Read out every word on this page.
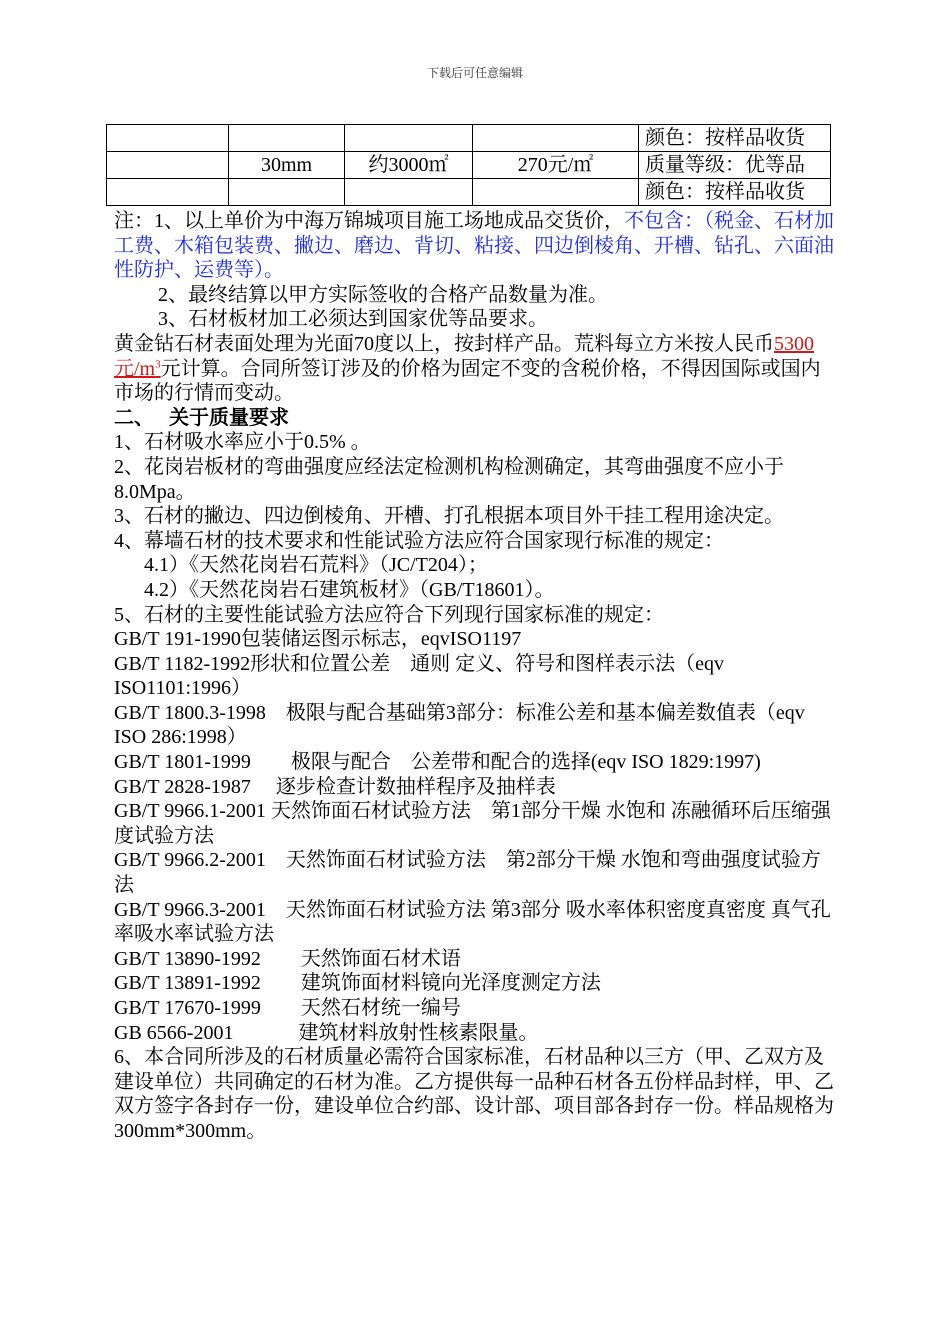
下载后可任意编辑
				颜色：按样品收货
	30mm	约3000㎡	270元/㎡	质量等级：优等品
				颜色：按样品收货

注：1、以上单价为中海万锦城项目施工场地成品交货价，不包含：（税金、石材加工费、木箱包装费、撇边、磨边、背切、粘接、四边倒棱角、开槽、钻孔、六面油性防护、运费等）。

2、最终结算以甲方实际签收的合格产品数量为准。

3、石材板材加工必须达到国家优等品要求。

黄金钻石材表面处理为光面70度以上，按封样产品。荒料每立方米按人民币5300元$/m^3$元计算。合同所签订涉及的价格为固定不变的含税价格，不得因国际或国内市场的行情而变动。

二、   关于质量要求

1、石材吸水率应小于0.5% 。

2、花岗岩板材的弯曲强度应经法定检测机构检测确定，其弯曲强度不应小于8.0Mpa。

3、石材的撇边、四边倒棱角、开槽、打孔根据本项目外干挂工程用途决定。

4、幕墙石材的技术要求和性能试验方法应符合国家现行标准的规定：

4.1）《天然花岗岩石荒料》（JC/T204）；

4.2）《天然花岗岩石建筑板材》（GB/T18601）。

5、石材的主要性能试验方法应符合下列现行国家标准的规定：

GB/T 191-1990包装储运图示标志，eqvISO1197

GB/T 1182-1992形状和位置公差　通则 定义、符号和图样表示法（eqv ISO1101:1996）

GB/T 1800.3-1998　极限与配合基础第3部分：标准公差和基本偏差数值表（eqv ISO 286:1998）

GB/T 1801-1999　　极限与配合　公差带和配合的选择(eqv ISO 1829:1997)

GB/T 2828-1987　 逐步检查计数抽样程序及抽样表

GB/T 9966.1-2001 天然饰面石材试验方法　第1部分干燥 水饱和 冻融循环后压缩强度试验方法

GB/T 9966.2-2001　天然饰面石材试验方法　第2部分干燥 水饱和弯曲强度试验方法

GB/T 9966.3-2001　天然饰面石材试验方法 第3部分 吸水率体积密度真密度 真气孔率吸水率试验方法

GB/T 13890-1992　　天然饰面石材术语

GB/T 13891-1992　　建筑饰面材料镜向光泽度测定方法

GB/T 17670-1999　　天然石材统一编号

GB 6566-2001　　　 建筑材料放射性核素限量。

6、本合同所涉及的石材质量必需符合国家标准，石材品种以三方（甲、乙双方及建设单位）共同确定的石材为准。乙方提供每一品种石材各五份样品封样，甲、乙双方签字各封存一份，建设单位合约部、设计部、项目部各封存一份。样品规格为300mm*300mm。
